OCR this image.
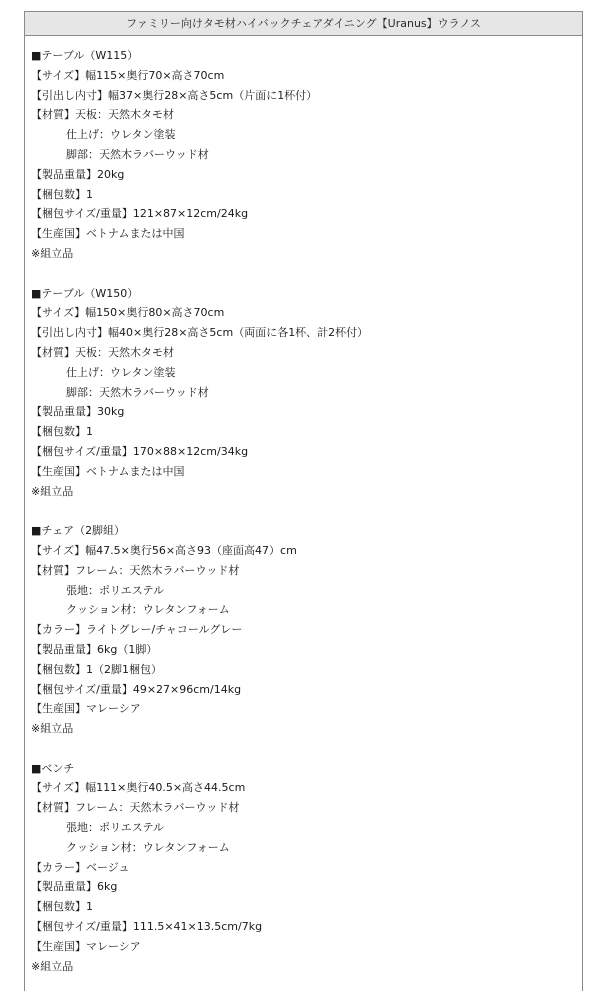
ファミリー向けタモ材ハイバックチェアダイニング【Uranus】ウラノス
■テーブル（W115）
【サイズ】幅115×奥行70×高さ70cm
【引出し内寸】幅37×奥行28×高さ5cm（片面に1杯付）
【材質】天板：天然木タモ材
仕上げ：ウレタン塗装
脚部：天然木ラバーウッド材
【製品重量】20kg
【梱包数】1
【梱包サイズ/重量】121×87×12cm/24kg
【生産国】ベトナムまたは中国
※組立品
■テーブル（W150）
【サイズ】幅150×奥行80×高さ70cm
【引出し内寸】幅40×奥行28×高さ5cm（両面に各1杯、計2杯付）
【材質】天板：天然木タモ材
仕上げ：ウレタン塗装
脚部：天然木ラバーウッド材
【製品重量】30kg
【梱包数】1
【梱包サイズ/重量】170×88×12cm/34kg
【生産国】ベトナムまたは中国
※組立品
■チェア（2脚組）
【サイズ】幅47.5×奥行56×高さ93（座面高47）cm
【材質】フレーム：天然木ラバーウッド材
張地：ポリエステル
クッション材：ウレタンフォーム
【カラー】ライトグレー/チャコールグレー
【製品重量】6kg（1脚）
【梱包数】1（2脚1梱包）
【梱包サイズ/重量】49×27×96cm/14kg
【生産国】マレーシア
※組立品
■ベンチ
【サイズ】幅111×奥行40.5×高さ44.5cm
【材質】フレーム：天然木ラバーウッド材
張地：ポリエステル
クッション材：ウレタンフォーム
【カラー】ベージュ
【製品重量】6kg
【梱包数】1
【梱包サイズ/重量】111.5×41×13.5cm/7kg
【生産国】マレーシア
※組立品
